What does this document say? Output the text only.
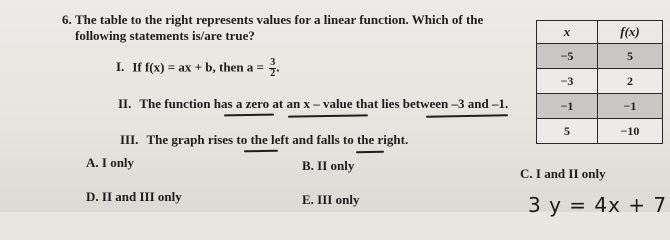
6. The table to the right represents values for a linear function. Which of the following statements is/are true?
I. If f(x) = ax + b, then $a = \frac{3}{2}$ .
II. The function has a zero at an x – value that lies between –3 and –1.
III. The graph rises to the left and falls to the right.
A. I only	B. II only
C. I and II only
D. II and III only	E. III only
x	f(x)
−5	5
−3	2
−1	−1
5	−10
3 y = 4x + 7
